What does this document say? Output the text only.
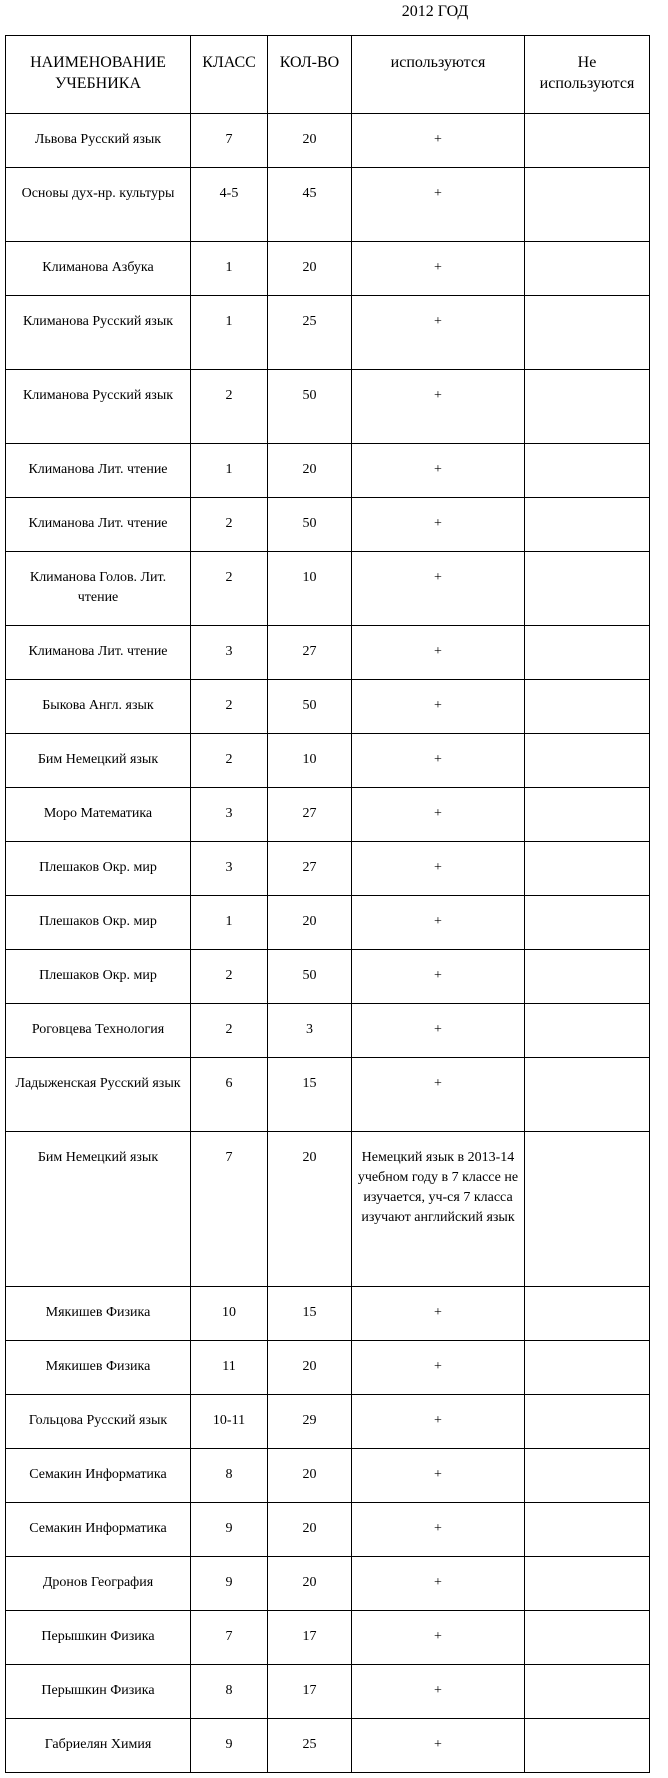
2012 ГОД
НАИМЕНОВАНИЕ УЧЕБНИКА	КЛАСС	КОЛ-ВО	используются	Не используются
Львова Русский язык	7	20	+	
Основы дух-нр. культуры	4-5	45	+	
Климанова Азбука	1	20	+	
Климанова Русский язык	1	25	+	
Климанова Русский язык	2	50	+	
Климанова Лит. чтение	1	20	+	
Климанова Лит. чтение	2	50	+	
Климанова Голов. Лит. чтение	2	10	+	
Климанова Лит. чтение	3	27	+	
Быкова Англ. язык	2	50	+	
Бим Немецкий язык	2	10	+	
Моро Математика	3	27	+	
Плешаков Окр. мир	3	27	+	
Плешаков Окр. мир	1	20	+	
Плешаков Окр. мир	2	50	+	
Роговцева Технология	2	3	+	
Ладыженская Русский язык	6	15	+	
Бим Немецкий язык	7	20	Немецкий язык в 2013-14 учебном году в 7 классе не изучается, уч-ся 7 класса изучают английский язык	
Мякишев Физика	10	15	+	
Мякишев Физика	11	20	+	
Гольцова Русский язык	10-11	29	+	
Семакин Информатика	8	20	+	
Семакин Информатика	9	20	+	
Дронов География	9	20	+	
Перышкин Физика	7	17	+	
Перышкин Физика	8	17	+	
Габриелян Химия	9	25	+	
